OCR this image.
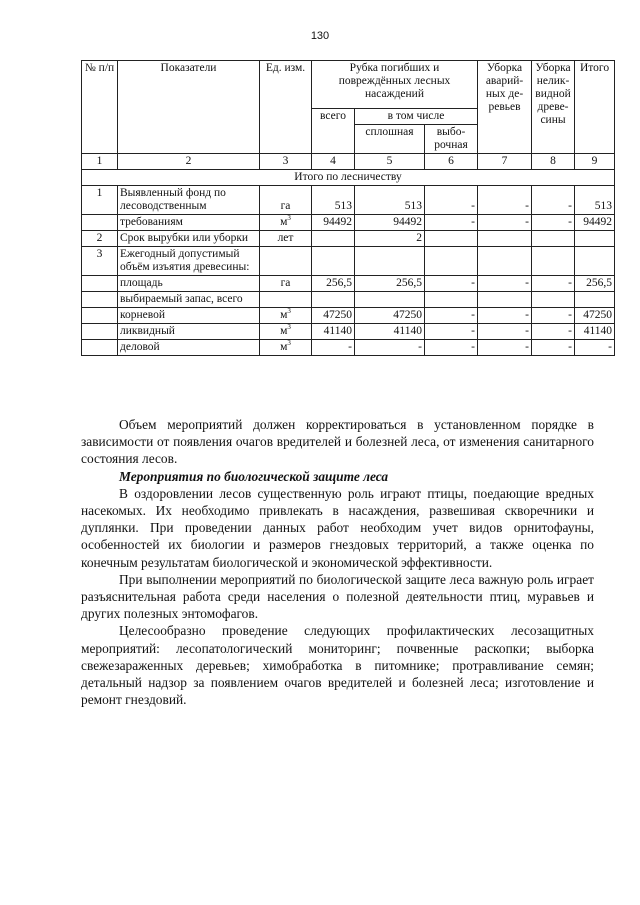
130
№ п/п	Показатели	Ед. изм.	Рубка погибших и повреждённых лесных насаждений			Уборка аварий-ных де-ревьев	Уборка нелик-видной древе-сины	Итого
			всего	в том числе				
				сплошная	выбо-рочная			
1	2	3	4	5	6	7	8	9
Итого по лесничеству								
1	Выявленный фонд по лесоводственным	га	513	513	-	-	-	513
	требованиям	$м^3$	94492	94492	-	-	-	94492
2	Срок вырубки или уборки	лет		2				
3	Ежегодный допустимый объём изъятия древесины:							
	площадь	га	256,5	256,5	-	-	-	256,5
	выбираемый запас, всего							
	корневой	$м^3$	47250	47250	-	-	-	47250
	ликвидный	$м^3$	41140	41140	-	-	-	41140
	деловой	$м^3$	-	-	-	-	-	-

Объем мероприятий должен корректироваться в установленном порядке в зависимости от появления очагов вредителей и болезней леса, от изменения санитарного состояния лесов.

Мероприятия по биологической защите леса

В оздоровлении лесов существенную роль играют птицы, поедающие вредных насекомых. Их необходимо привлекать в насаждения, развешивая скворечники и дуплянки. При проведении данных работ необходим учет видов орнитофауны, особенностей их биологии и размеров гнездовых территорий, а также оценка по конечным результатам биологической и экономической эффективности.

При выполнении мероприятий по биологической защите леса важную роль играет разъяснительная работа среди населения о полезной деятельности птиц, муравьев и других полезных энтомофагов.

Целесообразно проведение следующих профилактических лесозащитных мероприятий: лесопатологический мониторинг; почвенные раскопки; выборка свежезараженных деревьев; химобработка в питомнике; протравливание семян; детальный надзор за появлением очагов вредителей и болезней леса; изготовление и ремонт гнездовий.
